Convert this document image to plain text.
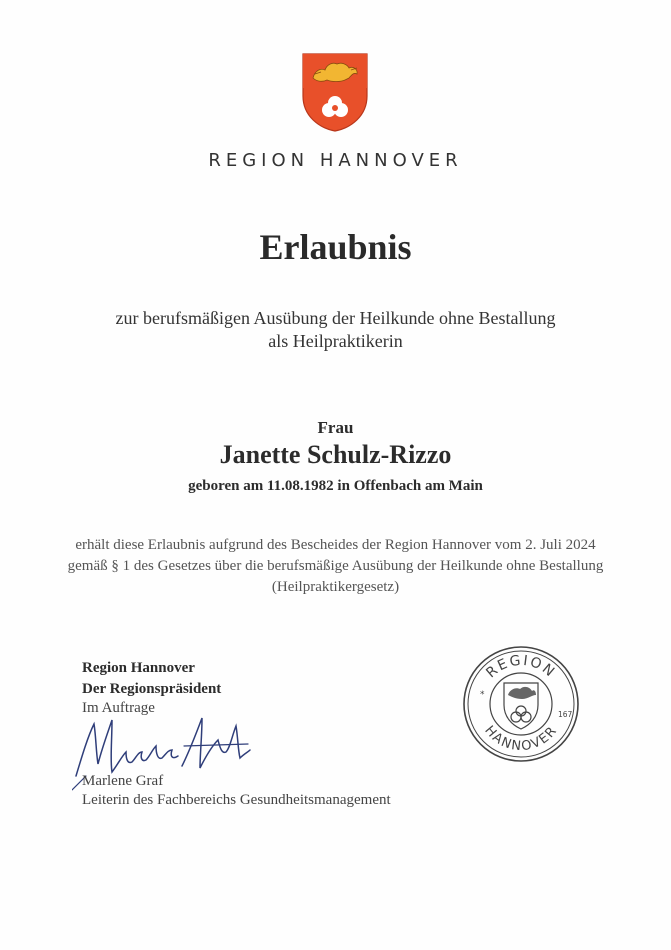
REGION HANNOVER
Erlaubnis
zur berufsmäßigen Ausübung der Heilkunde ohne Bestallung
als Heilpraktikerin
Frau
Janette Schulz-Rizzo
geboren am 11.08.1982 in Offenbach am Main
erhält diese Erlaubnis aufgrund des Bescheides der Region Hannover vom 2. Juli 2024
gemäß § 1 des Gesetzes über die berufsmäßige Ausübung der Heilkunde ohne Bestallung
(Heilpraktikergesetz)
Region Hannover
Der Regionspräsident
Im Auftrage
Marlene Graf
Leiterin des Fachbereichs Gesundheitsmanagement
REGION
HANNOVER
*
167
